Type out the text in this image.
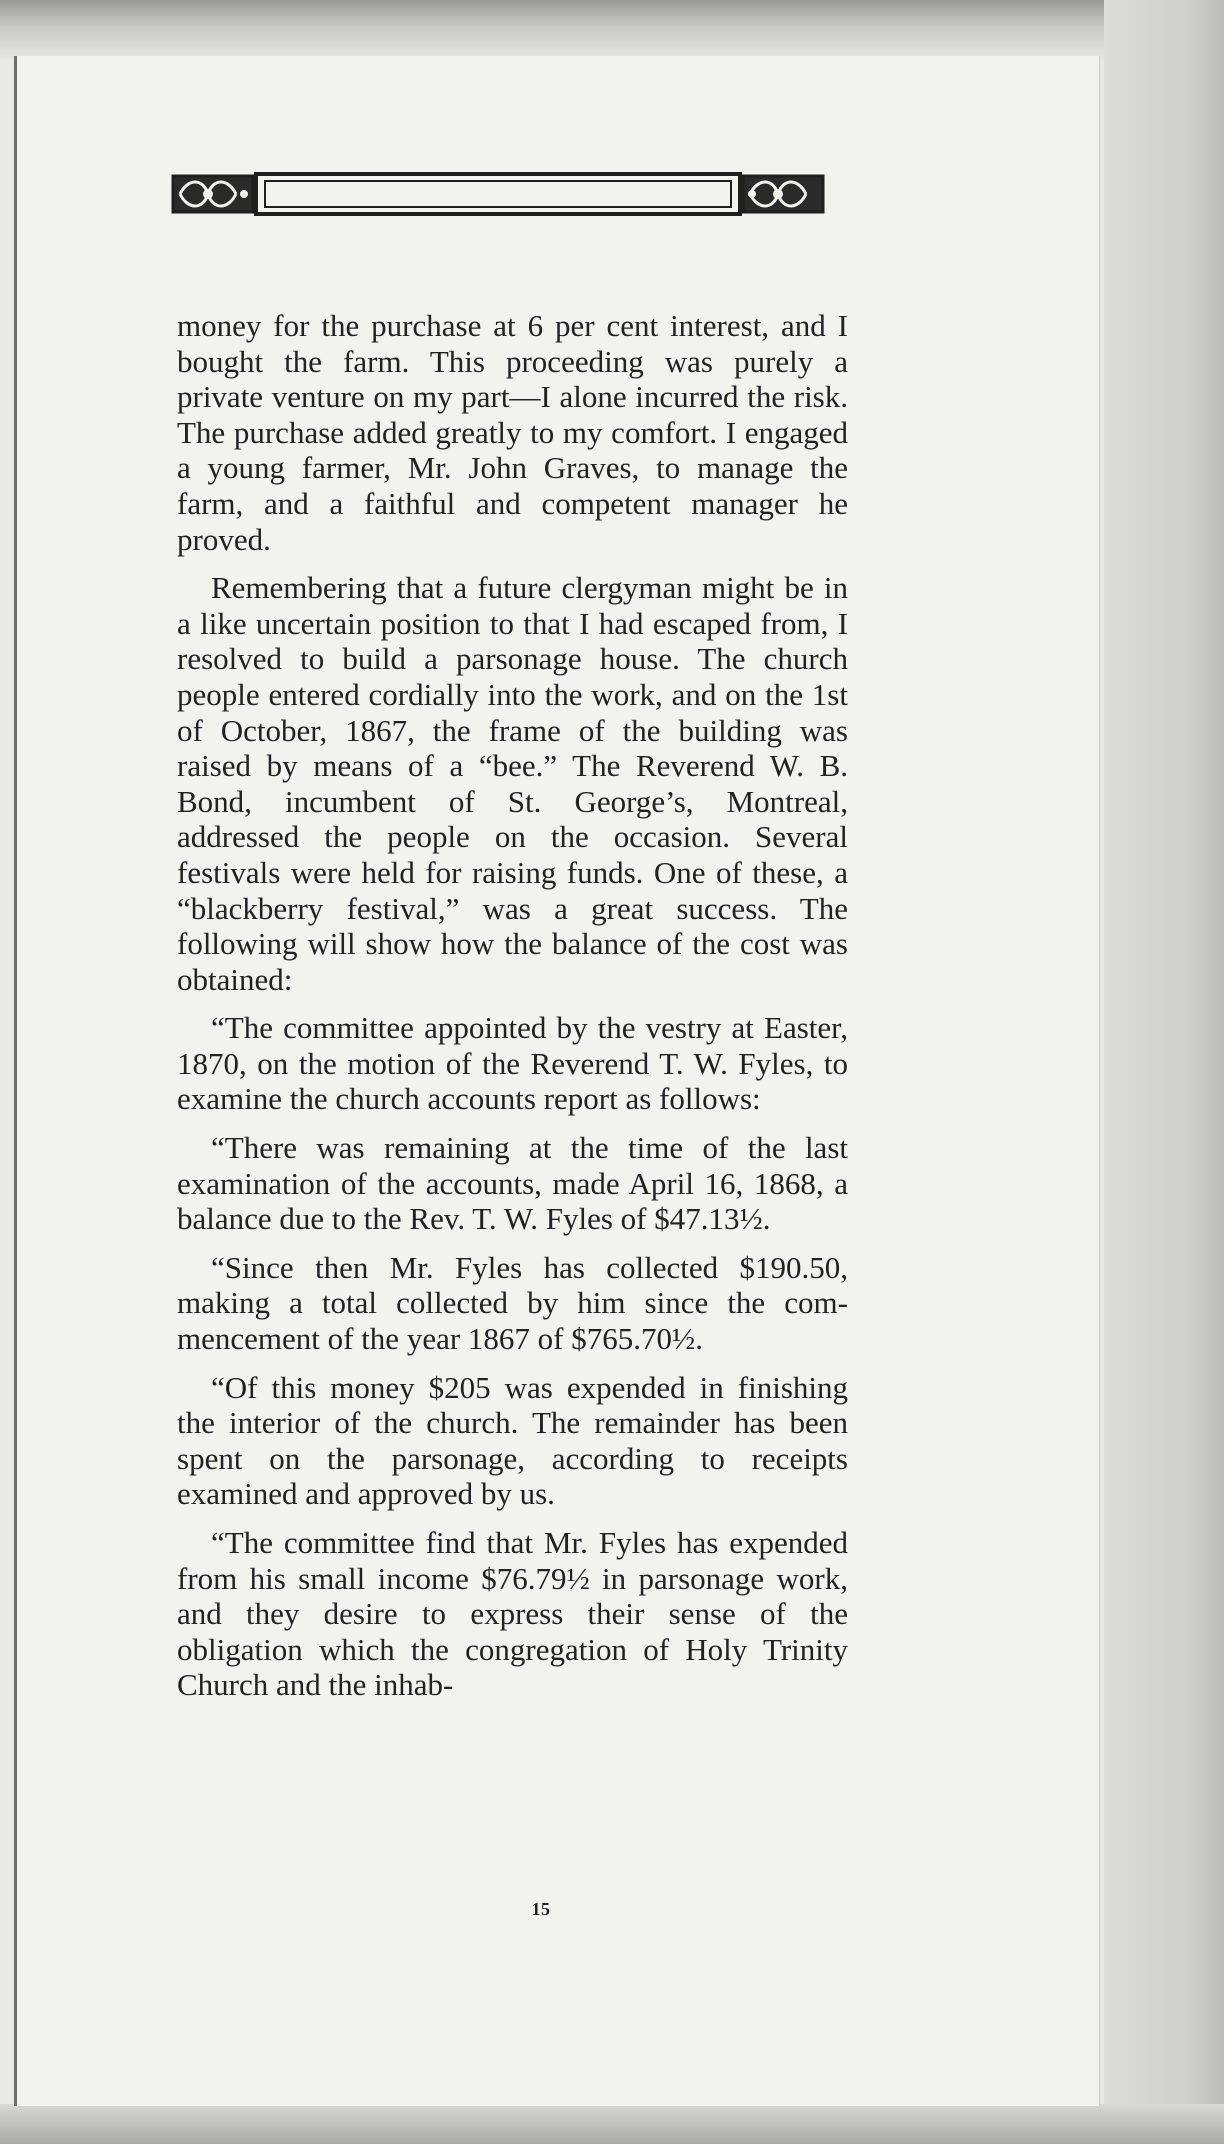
money for the purchase at 6 per cent interest, and I bought the farm. This proceeding was purely a private venture on my part—I alone incurred the risk. The purchase added greatly to my comfort. I engaged a young farmer, Mr. John Graves, to manage the farm, and a faithful and competent manager he proved.

Remembering that a future clergyman might be in a like uncertain position to that I had escaped from, I resolved to build a parsonage house. The church people entered cordially into the work, and on the 1st of October, 1867, the frame of the building was raised by means of a “bee.” The Reverend W. B. Bond, incumbent of St. George’s, Montreal, addressed the people on the occasion. Several festivals were held for raising funds. One of these, a “blackberry festival,” was a great success. The following will show how the balance of the cost was obtained:

“The committee appointed by the vestry at Easter, 1870, on the motion of the Reverend T. W. Fyles, to examine the church accounts report as follows:

“There was remaining at the time of the last examination of the accounts, made April 16, 1868, a balance due to the Rev. T. W. Fyles of $47.13½.

“Since then Mr. Fyles has collected $190.50, making a total collected by him since the commencement of the year 1867 of $765.70½.

“Of this money $205 was expended in finishing the interior of the church. The remainder has been spent on the parsonage, according to receipts examined and approved by us.

“The committee find that Mr. Fyles has expended from his small income $76.79½ in parsonage work, and they desire to express their sense of the obligation which the congregation of Holy Trinity Church and the inhab-

15
